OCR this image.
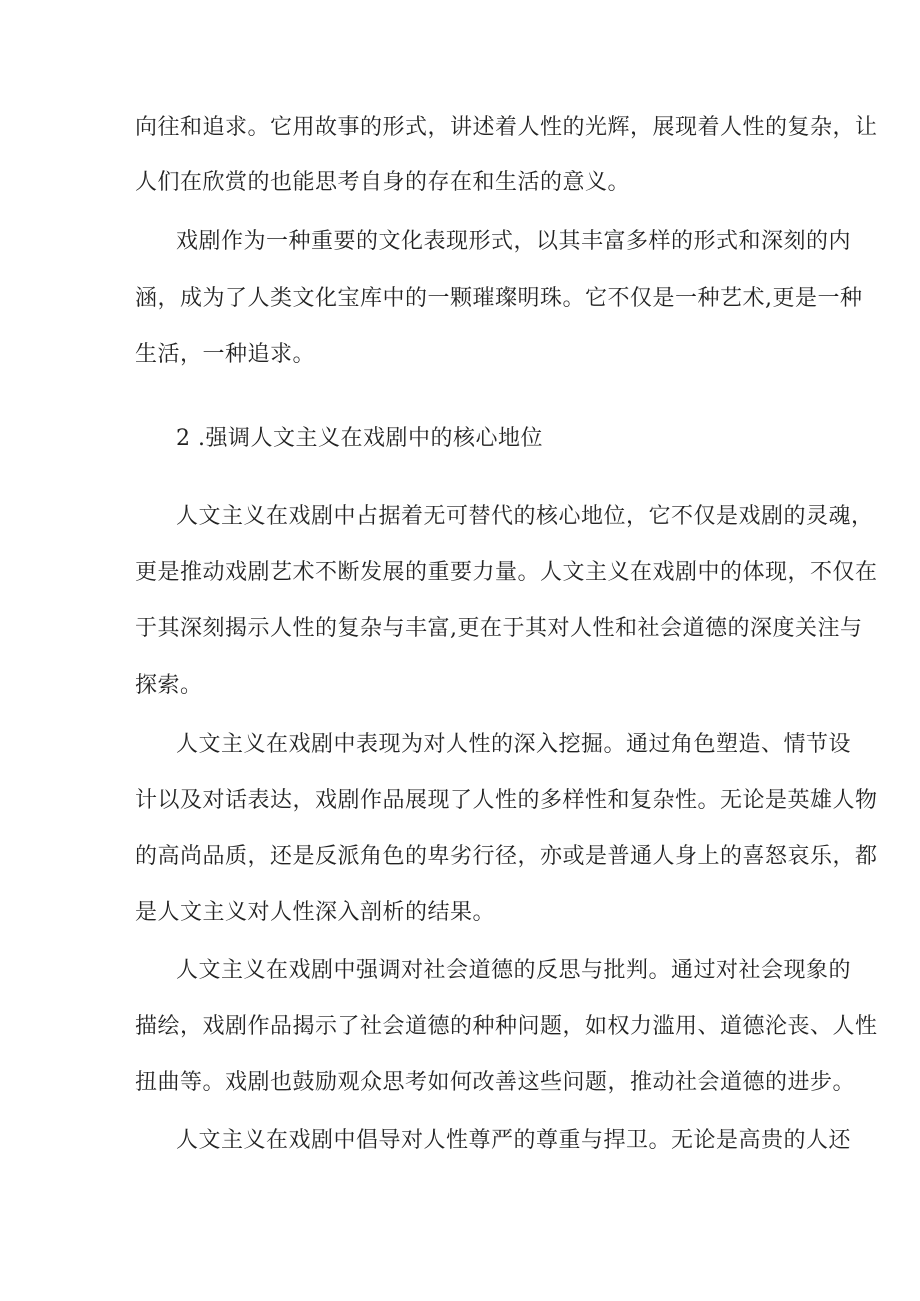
向往和追求。它用故事的形式，讲述着人性的光辉，展现着人性的复杂，让
人们在欣赏的也能思考自身的存在和生活的意义。
戏剧作为一种重要的文化表现形式，以其丰富多样的形式和深刻的内
涵，成为了人类文化宝库中的一颗璀璨明珠。它不仅是一种艺术,更是一种
生活，一种追求。
2 .强调人文主义在戏剧中的核心地位
人文主义在戏剧中占据着无可替代的核心地位，它不仅是戏剧的灵魂，
更是推动戏剧艺术不断发展的重要力量。人文主义在戏剧中的体现，不仅在
于其深刻揭示人性的复杂与丰富,更在于其对人性和社会道德的深度关注与
探索。
人文主义在戏剧中表现为对人性的深入挖掘。通过角色塑造、情节设
计以及对话表达，戏剧作品展现了人性的多样性和复杂性。无论是英雄人物
的高尚品质，还是反派角色的卑劣行径，亦或是普通人身上的喜怒哀乐，都
是人文主义对人性深入剖析的结果。
人文主义在戏剧中强调对社会道德的反思与批判。通过对社会现象的
描绘，戏剧作品揭示了社会道德的种种问题，如权力滥用、道德沦丧、人性
扭曲等。戏剧也鼓励观众思考如何改善这些问题，推动社会道德的进步。
人文主义在戏剧中倡导对人性尊严的尊重与捍卫。无论是高贵的人还
